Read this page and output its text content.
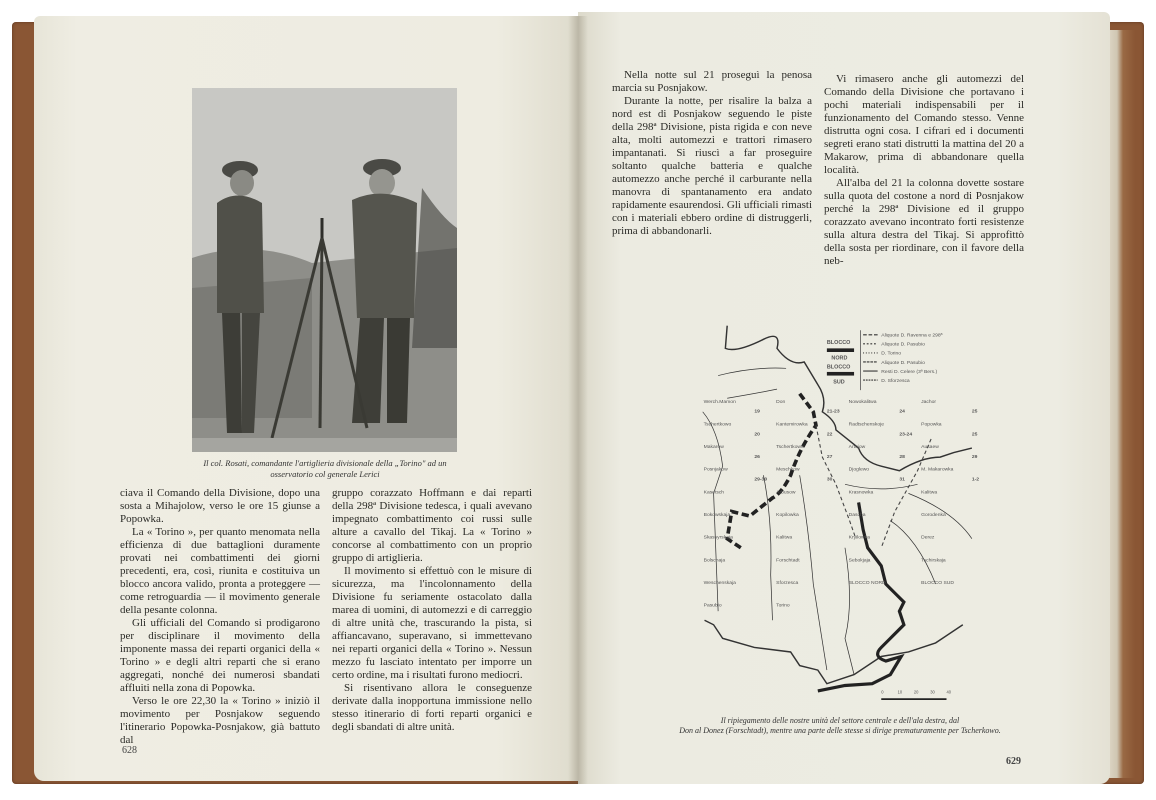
Il col. Rosati, comandante l'artiglieria divisionale della „Torino" ad un
osservatorio col generale Lerici

ciava il Comando della Divisione, dopo una sosta a Mihajolow, verso le ore 15 giunse a Popowka.

La « Torino », per quanto menomata nella efficienza di due battaglioni duramente provati nei combattimenti dei giorni precedenti, era, così, riunita e costituiva un blocco ancora valido, pronta a proteggere — come retroguardia — il movimento generale della pesante colonna.

Gli ufficiali del Comando si prodigarono per disciplinare il movimento della imponente massa dei reparti organici della « Torino » e degli altri reparti che si erano aggregati, nonché dei numerosi sbandati affluiti nella zona di Popowka.

Verso le ore 22,30 la « Torino » iniziò il movimento per Posnjakow seguendo l'itinerario Popowka-Posnjakow, già battuto dal

gruppo corazzato Hoffmann e dai reparti della 298ª Divisione tedesca, i quali avevano impegnato combattimento coi russi sulle alture a cavallo del Tikaj. La « Torino » concorse al combattimento con un proprio gruppo di artiglieria.

Il movimento si effettuò con le misure di sicurezza, ma l'incolonnamento della Divisione fu seriamente ostacolato dalla marea di uomini, di automezzi e di carreggio di altre unità che, trascurando la pista, si affiancavano, superavano, si immettevano nei reparti organici della « Torino ». Nessun mezzo fu lasciato intentato per imporre un certo ordine, ma i risultati furono mediocri.

Si risentivano allora le conseguenze derivate dalla inopportuna immissione nello stesso itinerario di forti reparti organici e degli sbandati di altre unità.

628

Nella notte sul 21 proseguì la penosa marcia su Posnjakow.

Durante la notte, per risalire la balza a nord est di Posnjakow seguendo le piste della 298ª Divisione, pista rigida e con neve alta, molti automezzi e trattori rimasero impantanati. Si riuscì a far proseguire soltanto qualche batteria e qualche automezzo anche perché il carburante nella manovra di spantanamento era andato rapidamente esaurendosi. Gli ufficiali rimasti con i materiali ebbero ordine di distruggerli, prima di abbandonarli.

Vi rimasero anche gli automezzi del Comando della Divisione che portavano i pochi materiali indispensabili per il funzionamento del Comando stesso. Venne distrutta ogni cosa. I cifrari ed i documenti segreti erano stati distrutti la mattina del 20 a Makarow, prima di abbandonare quella località.

All'alba del 21 la colonna dovette sostare sulla quota del costone a nord di Posnjakow perché la 298ª Divisione ed il gruppo corazzato avevano incontrato forti resistenze sulla altura destra del Tikaj. Si approfittò della sosta per riordinare, con il favore della neb-

BLOCCO
NORD
BLOCCO
SUD
Aliquote D. Ravenna e 298ª
Aliquote D. Pasubio
D. Torino
Aliquote D. Pasubio
Resti D. Celere (3ª Bers.)
D. Sforzesca
Werch.Mamon	Don	Nowokalitwa	Jachor
Tschertkowo	Kantemirowka	Radtschenskoje	Popowka
Makarow	Tschertkowo	Artujow	Ausaew
Posnjakow	Meschkow	Djoglewo	M. Makarowka
Kasetsch	Arbusow	Krasnowka	Kalitwa
Bokowskaja	Kopilowka	Dascha	Gorodenka
Skassyrskaja	Kalitwa	Kryilowka	Derez
Bolschaja	Forschtadt	Sebokjaja	Tschirskaja
Weschenskaja	Sforzesca	BLOCCO NORD	BLOCCO SUD
Pasubio	Torino
19	21-23	24	25
20	22	23-24	25
26	27	28	29
29-30	30	31	1-2
0	10	20	30	40
Il ripiegamento delle nostre unità del settore centrale e dell'ala destra, dal
Don al Donez (Forschtadt), mentre una parte delle stesse si dirige prematuramente per Tscherkowo.
629
